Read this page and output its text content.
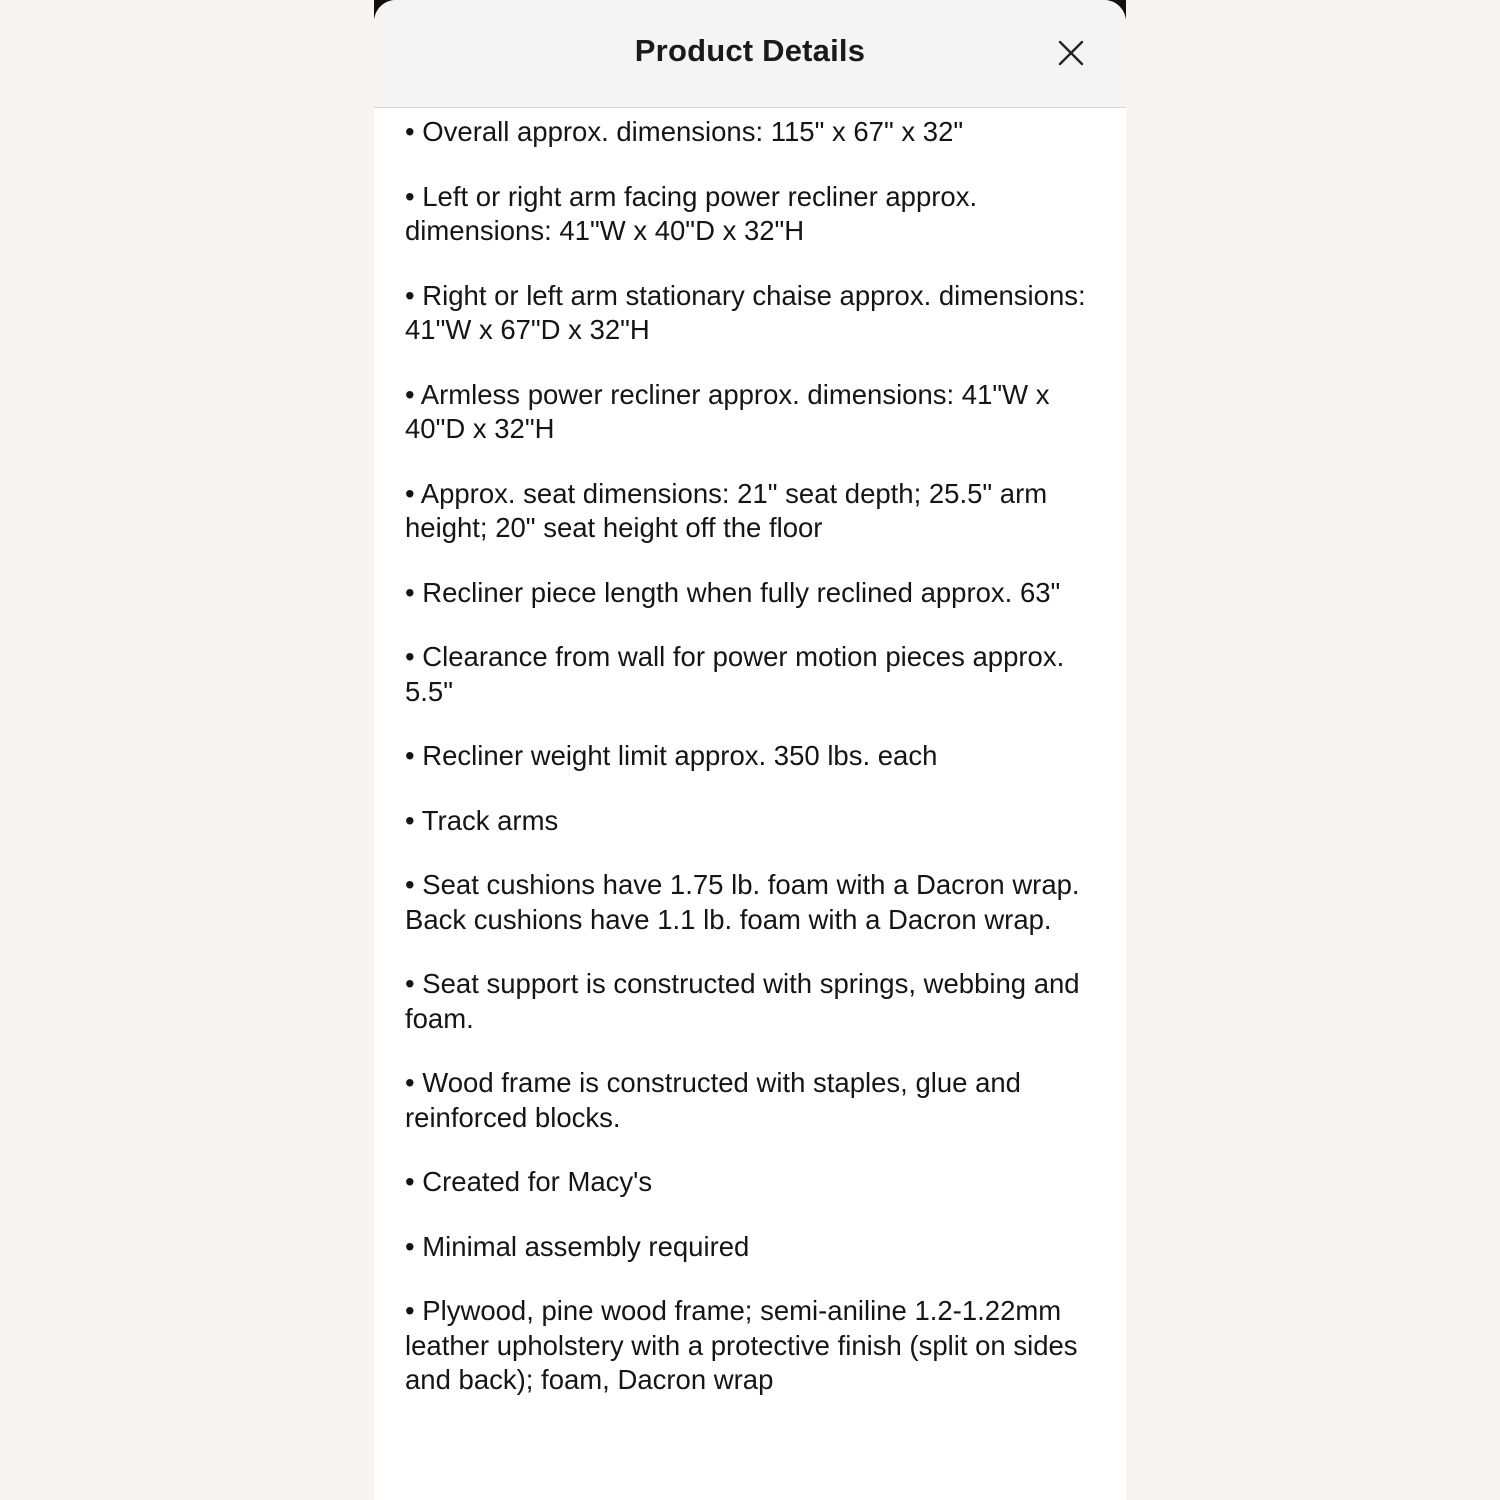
Product Details

• Overall approx. dimensions: 115" x 67" x 32"

• Left or right arm facing power recliner approx. dimensions: 41"W x 40"D x 32"H

• Right or left arm stationary chaise approx. dimensions: 41"W x 67"D x 32"H

• Armless power recliner approx. dimensions: 41"W x 40"D x 32"H

• Approx. seat dimensions: 21" seat depth; 25.5" arm height; 20" seat height off the floor

• Recliner piece length when fully reclined approx. 63"

• Clearance from wall for power motion pieces approx. 5.5"

• Recliner weight limit approx. 350 lbs. each

• Track arms

• Seat cushions have 1.75 lb. foam with a Dacron wrap. Back cushions have 1.1 lb. foam with a Dacron wrap.

• Seat support is constructed with springs, webbing and foam.

• Wood frame is constructed with staples, glue and reinforced blocks.

• Created for Macy's

• Minimal assembly required

• Plywood, pine wood frame; semi-aniline 1.2-1.22mm leather upholstery with a protective finish (split on sides and back); foam, Dacron wrap
